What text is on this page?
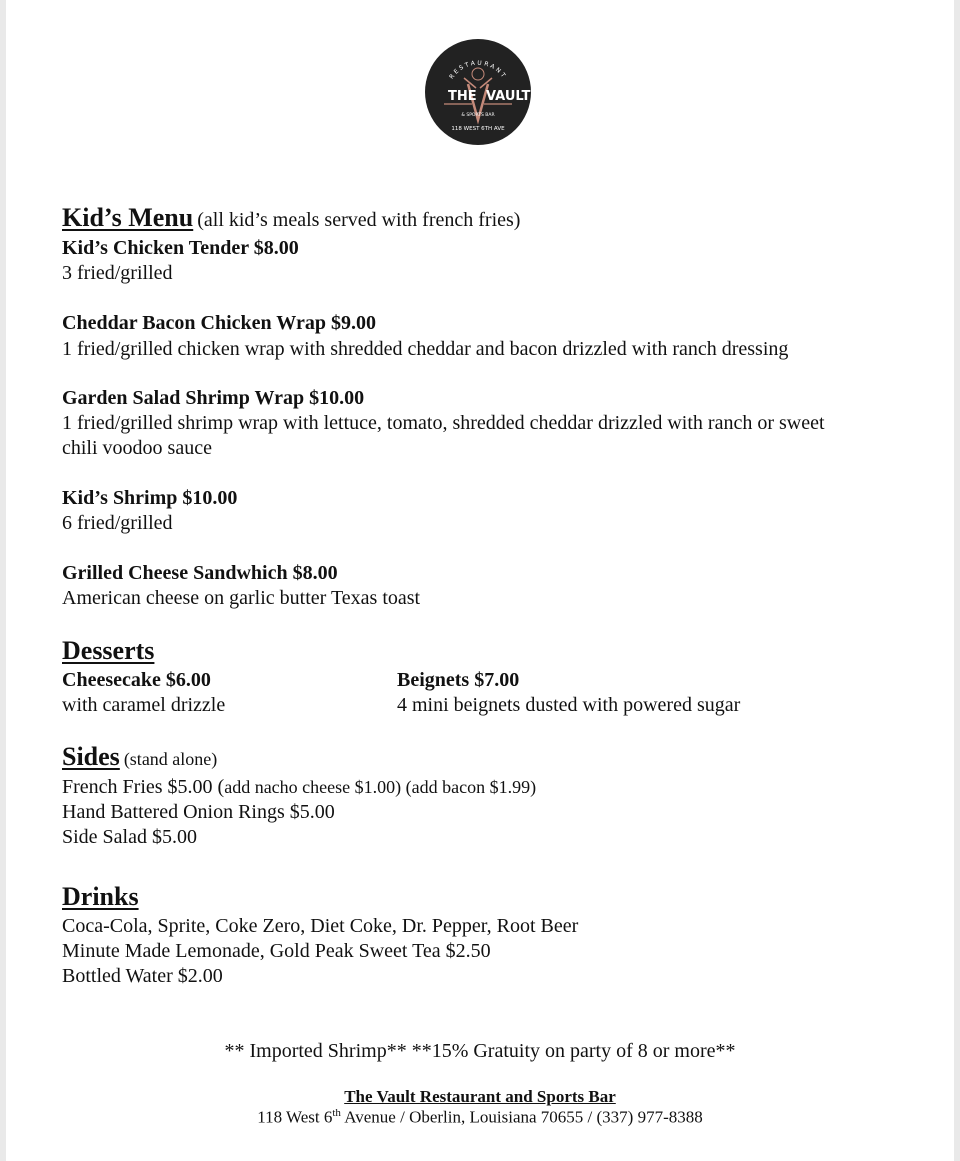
RESTAURANT
THE VAULT
& SPORTS BAR
118 WEST 6TH AVE
Kid’s Menu (all kid’s meals served with french fries)
Kid’s Chicken Tender $8.00
3 fried/grilled
Cheddar Bacon Chicken Wrap $9.00
1 fried/grilled chicken wrap with shredded cheddar and bacon drizzled with ranch dressing
Garden Salad Shrimp Wrap $10.00
1 fried/grilled shrimp wrap with lettuce, tomato, shredded cheddar drizzled with ranch or sweet
chili voodoo sauce
Kid’s Shrimp $10.00
6 fried/grilled
Grilled Cheese Sandwhich $8.00
American cheese on garlic butter Texas toast
Desserts
Cheesecake $6.00
with caramel drizzle
Beignets $7.00
4 mini beignets dusted with powered sugar
Sides (stand alone)
French Fries $5.00 (add nacho cheese $1.00) (add bacon $1.99)
Hand Battered Onion Rings $5.00
Side Salad $5.00
Drinks
Coca-Cola, Sprite, Coke Zero, Diet Coke, Dr. Pepper, Root Beer
Minute Made Lemonade, Gold Peak Sweet Tea $2.50
Bottled Water $2.00
** Imported Shrimp** **15% Gratuity on party of 8 or more**
The Vault Restaurant and Sports Bar
118 West 6th Avenue / Oberlin, Louisiana 70655 / (337) 977-8388
